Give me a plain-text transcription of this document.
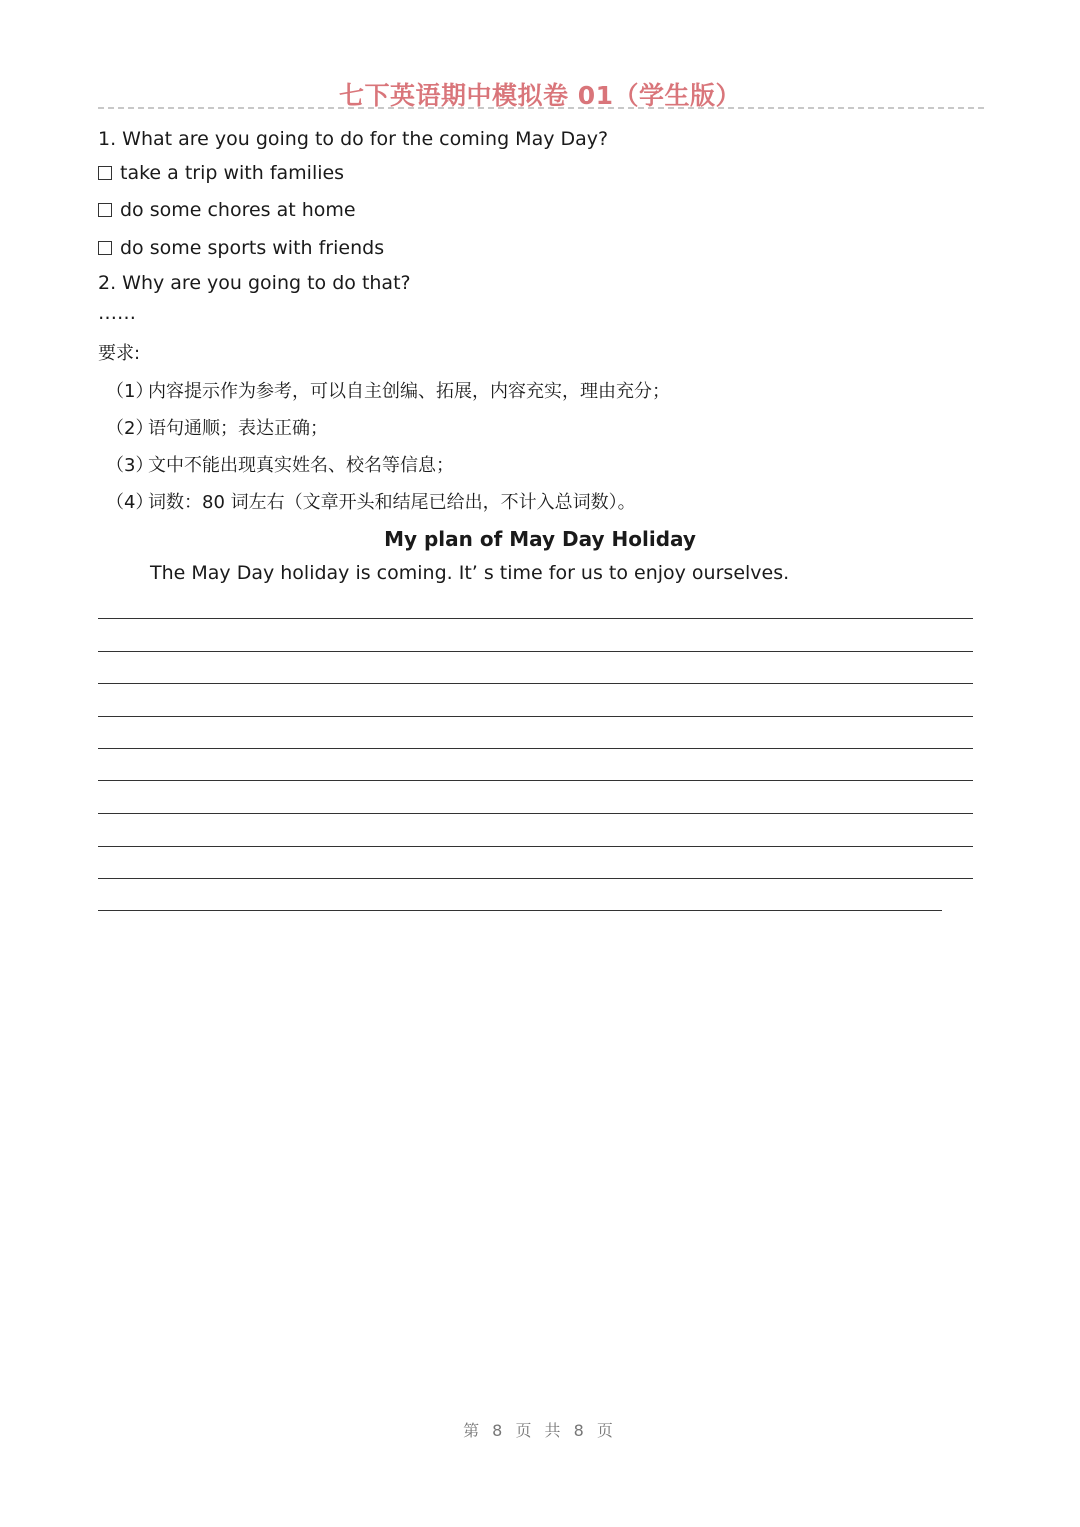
七下英语期中模拟卷 01（学生版）
1. What are you going to do for the coming May Day?
take a trip with families
do some chores at home
do some sports with friends
2. Why are you going to do that?
……
要求:
（1）内容提示作为参考，可以自主创编、拓展，内容充实，理由充分；
（2）语句通顺；表达正确；
（3）文中不能出现真实姓名、校名等信息；
（4）词数：80 词左右（文章开头和结尾已给出，不计入总词数）。
My plan of May Day Holiday
The May Day holiday is coming. It’ s time for us to enjoy ourselves.
第 8 页 共 8 页
